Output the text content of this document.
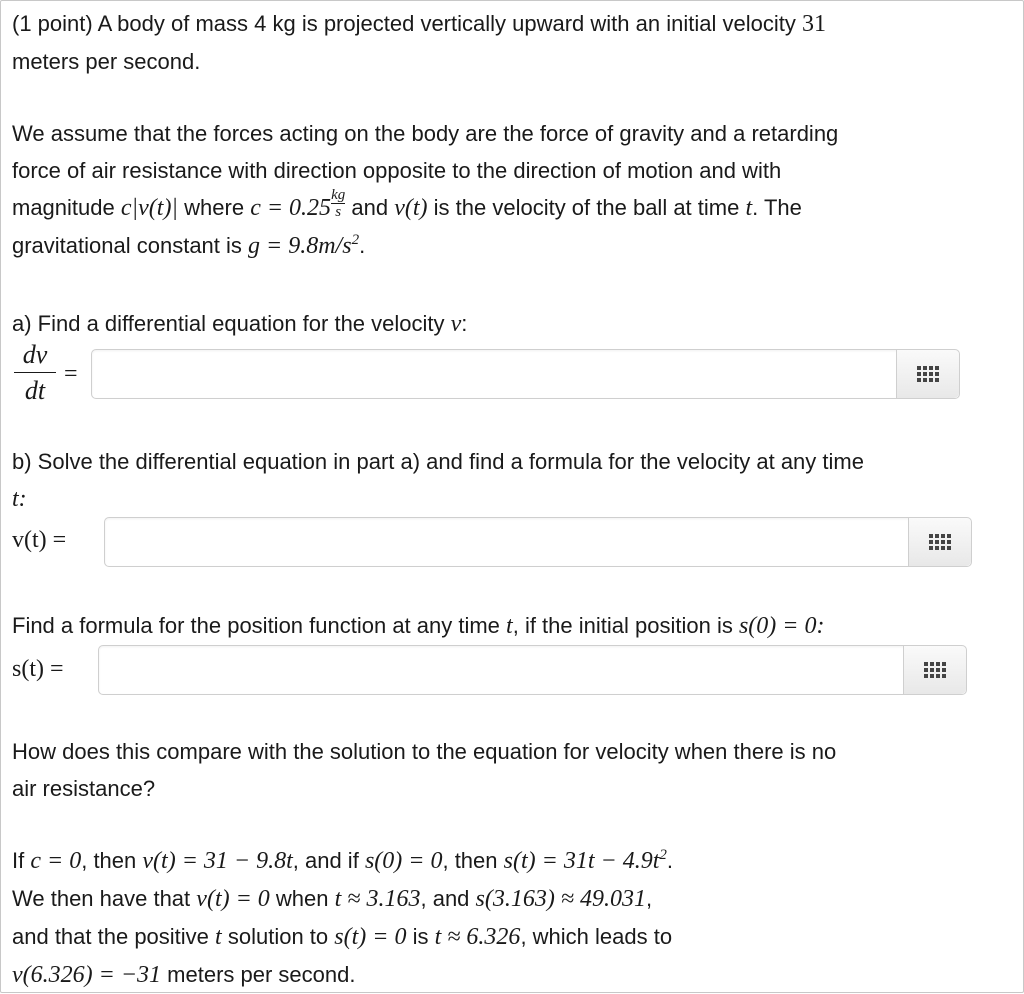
(1 point) A body of mass 4 kg is projected vertically upward with an initial velocity 31
meters per second.

We assume that the forces acting on the body are the force of gravity and a retarding
force of air resistance with direction opposite to the direction of motion and with
magnitude c|v(t)| where $c = 0.25 \frac{kg}{s}$ and v(t) is the velocity of the ball at time t. The
gravitational constant is $g = 9.8m/s^2$.

a) Find a differential equation for the velocity v:

dv
dt
=

b) Solve the differential equation in part a) and find a formula for the velocity at any time
t:

v(t) =

Find a formula for the position function at any time t, if the initial position is s(0) = 0:

s(t) =

How does this compare with the solution to the equation for velocity when there is no
air resistance?

If c = 0, then v(t) = 31 − 9.8t, and if s(0) = 0, then $s(t) = 31t - 4.9t^2$.
We then have that v(t) = 0 when t ≈ 3.163, and s(3.163) ≈ 49.031,
and that the positive t solution to s(t) = 0 is t ≈ 6.326, which leads to
v(6.326) = −31 meters per second.
